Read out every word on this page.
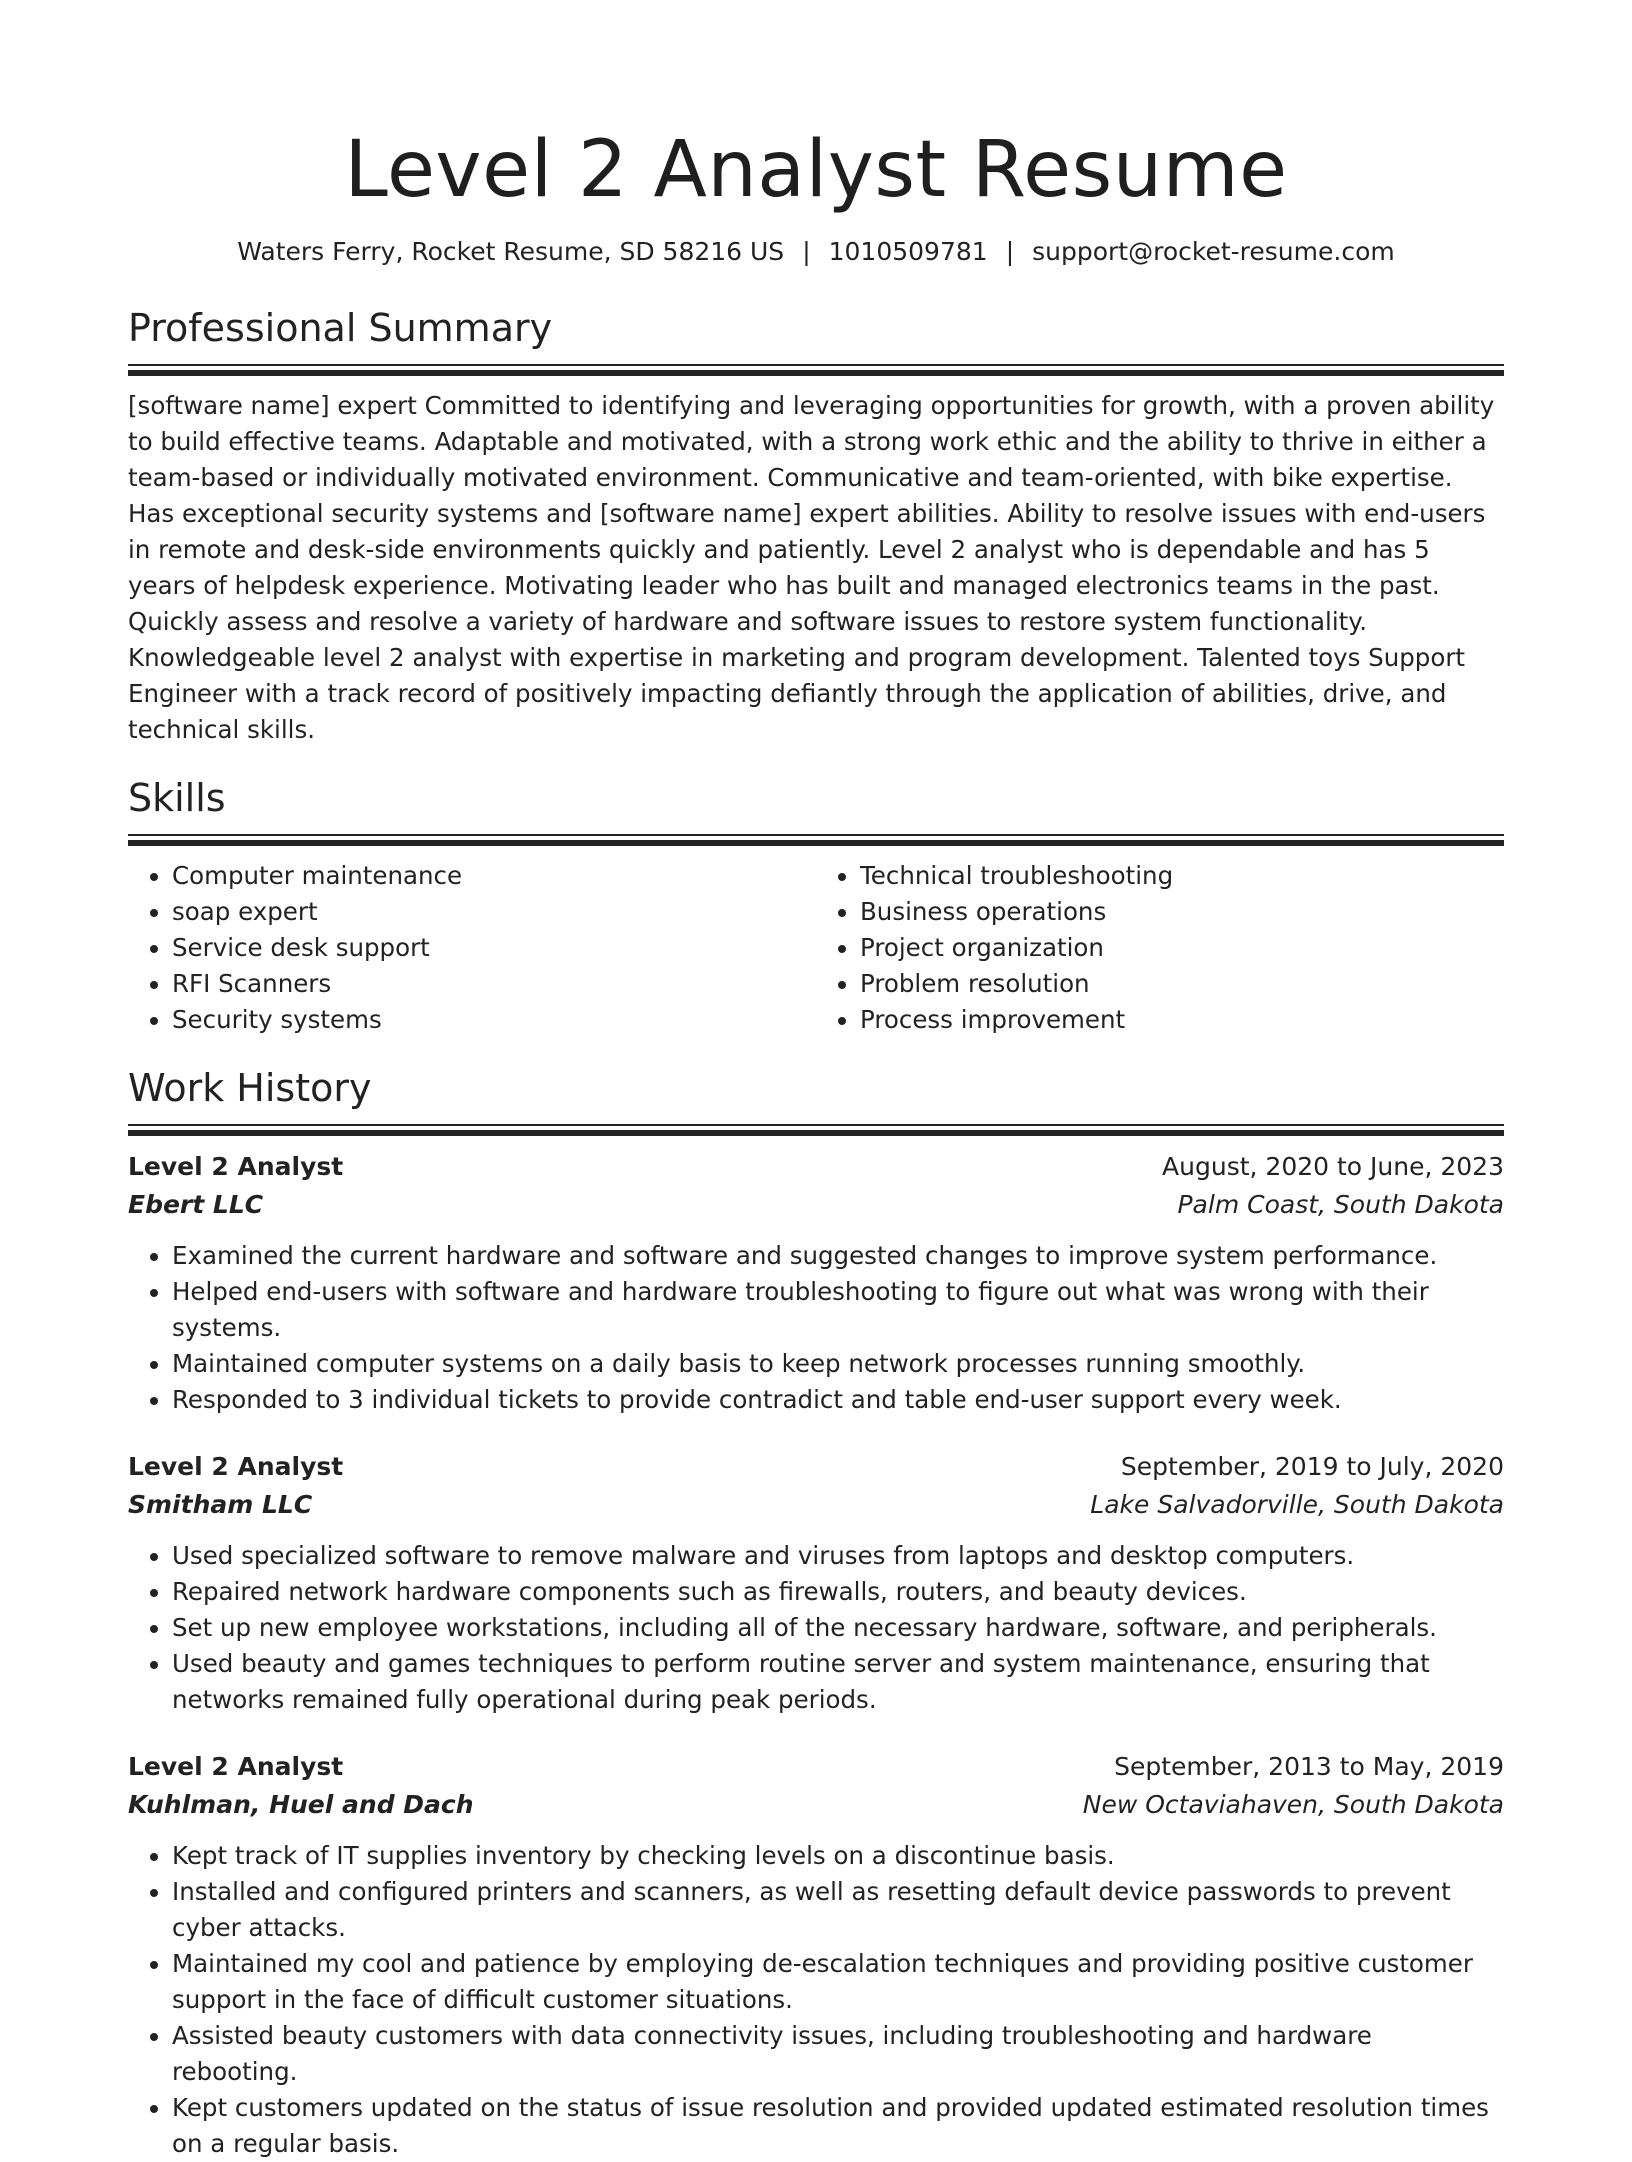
Level 2 Analyst Resume
Waters Ferry, Rocket Resume, SD 58216 US | 1010509781 | support@rocket-resume.com
Professional Summary

[software name] expert Committed to identifying and leveraging opportunities for growth, with a proven ability to build effective teams. Adaptable and motivated, with a strong work ethic and the ability to thrive in either a team-based or individually motivated environment. Communicative and team-oriented, with bike expertise. Has exceptional security systems and [software name] expert abilities. Ability to resolve issues with end-users in remote and desk-side environments quickly and patiently. Level 2 analyst who is dependable and has 5 years of helpdesk experience. Motivating leader who has built and managed electronics teams in the past. Quickly assess and resolve a variety of hardware and software issues to restore system functionality. Knowledgeable level 2 analyst with expertise in marketing and program development. Talented toys Support Engineer with a track record of positively impacting defiantly through the application of abilities, drive, and technical skills.

Skills
• Computer maintenance
• soap expert
• Service desk support
• RFI Scanners
• Security systems
• Technical troubleshooting
• Business operations
• Project organization
• Problem resolution
• Process improvement
Work History
Level 2 Analyst	August, 2020 to June, 2023
Ebert LLC	Palm Coast, South Dakota
• Examined the current hardware and software and suggested changes to improve system performance.
• Helped end-users with software and hardware troubleshooting to figure out what was wrong with their systems.
• Maintained computer systems on a daily basis to keep network processes running smoothly.
• Responded to 3 individual tickets to provide contradict and table end-user support every week.
Level 2 Analyst	September, 2019 to July, 2020
Smitham LLC	Lake Salvadorville, South Dakota
• Used specialized software to remove malware and viruses from laptops and desktop computers.
• Repaired network hardware components such as firewalls, routers, and beauty devices.
• Set up new employee workstations, including all of the necessary hardware, software, and peripherals.
• Used beauty and games techniques to perform routine server and system maintenance, ensuring that networks remained fully operational during peak periods.
Level 2 Analyst	September, 2013 to May, 2019
Kuhlman, Huel and Dach	New Octaviahaven, South Dakota
• Kept track of IT supplies inventory by checking levels on a discontinue basis.
• Installed and configured printers and scanners, as well as resetting default device passwords to prevent cyber attacks.
• Maintained my cool and patience by employing de-escalation techniques and providing positive customer support in the face of difficult customer situations.
• Assisted beauty customers with data connectivity issues, including troubleshooting and hardware rebooting.
• Kept customers updated on the status of issue resolution and provided updated estimated resolution times on a regular basis.
